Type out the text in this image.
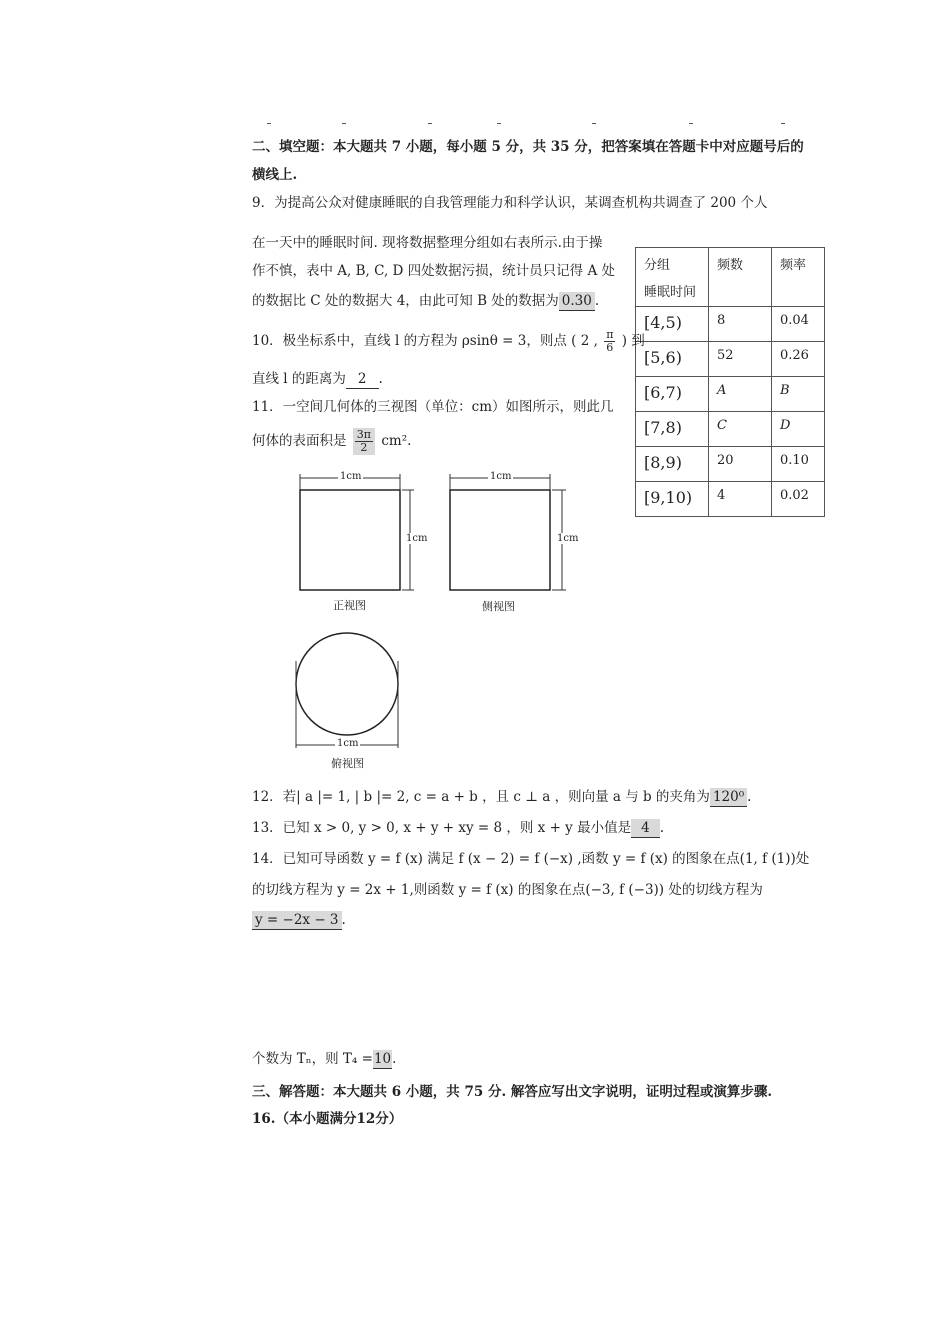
二、填空题：本大题共 7 小题，每小题 5 分，共 35 分，把答案填在答题卡中对应题号后的
横线上.
9．为提高公众对健康睡眠的自我管理能力和科学认识，某调查机构共调查了 200 个人
在一天中的睡眠时间. 现将数据整理分组如右表所示.由于操
作不慎，表中 A, B, C, D 四处数据污损，统计员只记得 A 处
的数据比 C 处的数据大 4，由此可知 B 处的数据为 0.30 .
分组
睡眠时间	频数	频率
[4,5)	8	0.04
[5,6)	52	0.26
[6,7)	A	B
[7,8)	C	D
[8,9)	20	0.10
[9,10)	4	0.02
10．极坐标系中，直线 l 的方程为 ρsinθ = 3，则点 ( 2 , $\frac{\pi}{6}$ ) 到
直线 l 的距离为 2 .
11．一空间几何体的三视图（单位：cm）如图所示，则此几
何体的表面积是 $\frac{3\pi}{2} cm^2$.
1cm
1cm
1cm
1cm
正视图	侧视图
1cm
俯视图
12．若| a |= 1, | b |= 2, c = a + b ，且 c ⊥ a ，则向量 a 与 b 的夹角为 120⁰ .
13．已知 x > 0, y > 0, x + y + xy = 8 ，则 x + y 最小值是 4 .
14．已知可导函数 y = f (x) 满足 f (x − 2) = f (−x) ,函数 y = f (x) 的图象在点(1, f (1))处
的切线方程为 y = 2x + 1,则函数 y = f (x) 的图象在点(−3, f (−3)) 处的切线方程为
y = −2x − 3 .
个数为 Tₙ，则 T₄ =10.
三、解答题：本大题共 6 小题，共 75 分. 解答应写出文字说明，证明过程或演算步骤.
16.（本小题满分12分）
